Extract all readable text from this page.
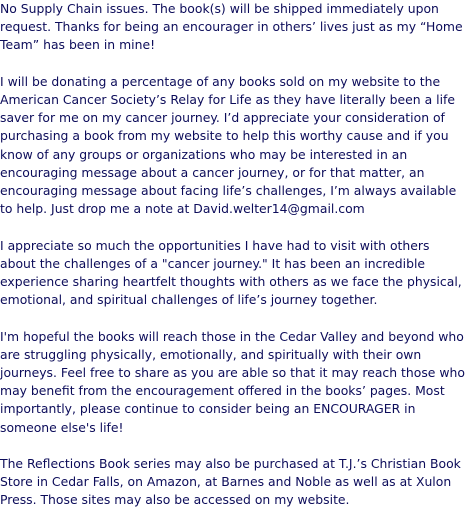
No Supply Chain issues. The book(s) will be shipped immediately upon request. Thanks for being an encourager in others’ lives just as my “Home Team” has been in mine!

I will be donating a percentage of any books sold on my website to the American Cancer Society’s Relay for Life as they have literally been a life saver for me on my cancer journey. I’d appreciate your consideration of purchasing a book from my website to help this worthy cause and if you know of any groups or organizations who may be interested in an encouraging message about a cancer journey, or for that matter, an encouraging message about facing life’s challenges, I’m always available to help. Just drop me a note at David.welter14@gmail.com

I appreciate so much the opportunities I have had to visit with others about the challenges of a "cancer journey." It has been an incredible experience sharing heartfelt thoughts with others as we face the physical, emotional, and spiritual challenges of life’s journey together.

I'm hopeful the books will reach those in the Cedar Valley and beyond who are struggling physically, emotionally, and spiritually with their own journeys. Feel free to share as you are able so that it may reach those who may benefit from the encouragement offered in the books’ pages. Most importantly, please continue to consider being an ENCOURAGER in someone else's life!

The Reflections Book series may also be purchased at T.J.’s Christian Book Store in Cedar Falls, on Amazon, at Barnes and Noble as well as at Xulon Press. Those sites may also be accessed on my website.
